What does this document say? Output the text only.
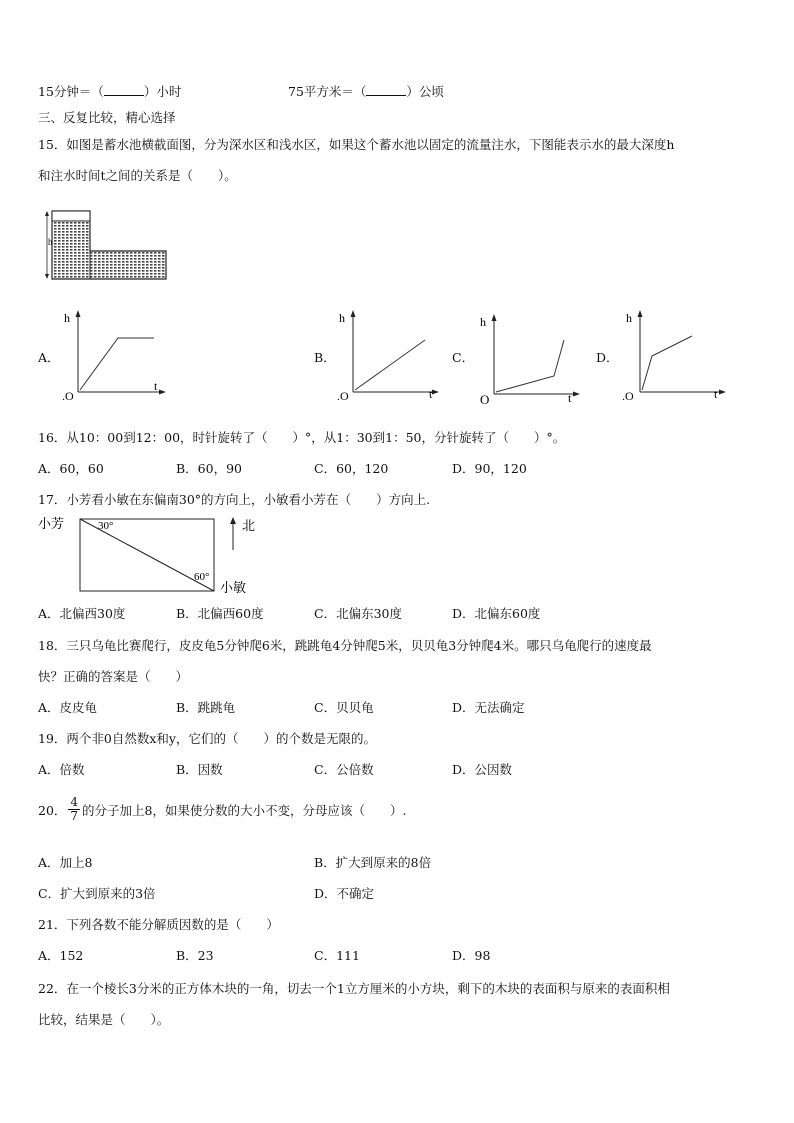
15分钟＝（	）小时	75平方米＝（	）公顷
三、反复比较，精心选择
15．如图是蓄水池横截面图，分为深水区和浅水区，如果这个蓄水池以固定的流量注水，下图能表示水的最大深度h
和注水时间t之间的关系是（　　）。
h
A．
h
t
.O
B．
h
t
.O
C．
h
t
O
D．
h
t
.O
16．从10：00到12：00，时针旋转了（　　）°，从1：30到1：50，分针旋转了（　　）°。
A．60，60	B．60，90	C．60，120	D．90，120
17．小芳看小敏在东偏南30°的方向上，小敏看小芳在（　　）方向上.
小芳	30°
60°
小敏
北
A．北偏西30度	B．北偏西60度	C．北偏东30度	D．北偏东60度
18．三只乌龟比赛爬行，皮皮龟5分钟爬6米，跳跳龟4分钟爬5米，贝贝龟3分钟爬4米。哪只乌龟爬行的速度最
快？正确的答案是（　　）
A．皮皮龟	B．跳跳龟	C．贝贝龟	D．无法确定
19．两个非0自然数x和y，它们的（　　）的个数是无限的。
A．倍数	B．因数	C．公倍数	D．公因数
20． $\frac{4}{7}$ 的分子加上8，如果使分数的大小不变，分母应该（　　）.
A．加上8	B．扩大到原来的8倍
C．扩大到原来的3倍	D．不确定
21．下列各数不能分解质因数的是（　　）
A．152	B．23	C．111	D．98
22．在一个棱长3分米的正方体木块的一角，切去一个1立方厘米的小方块，剩下的木块的表面积与原来的表面积相
比较，结果是（　　）。
